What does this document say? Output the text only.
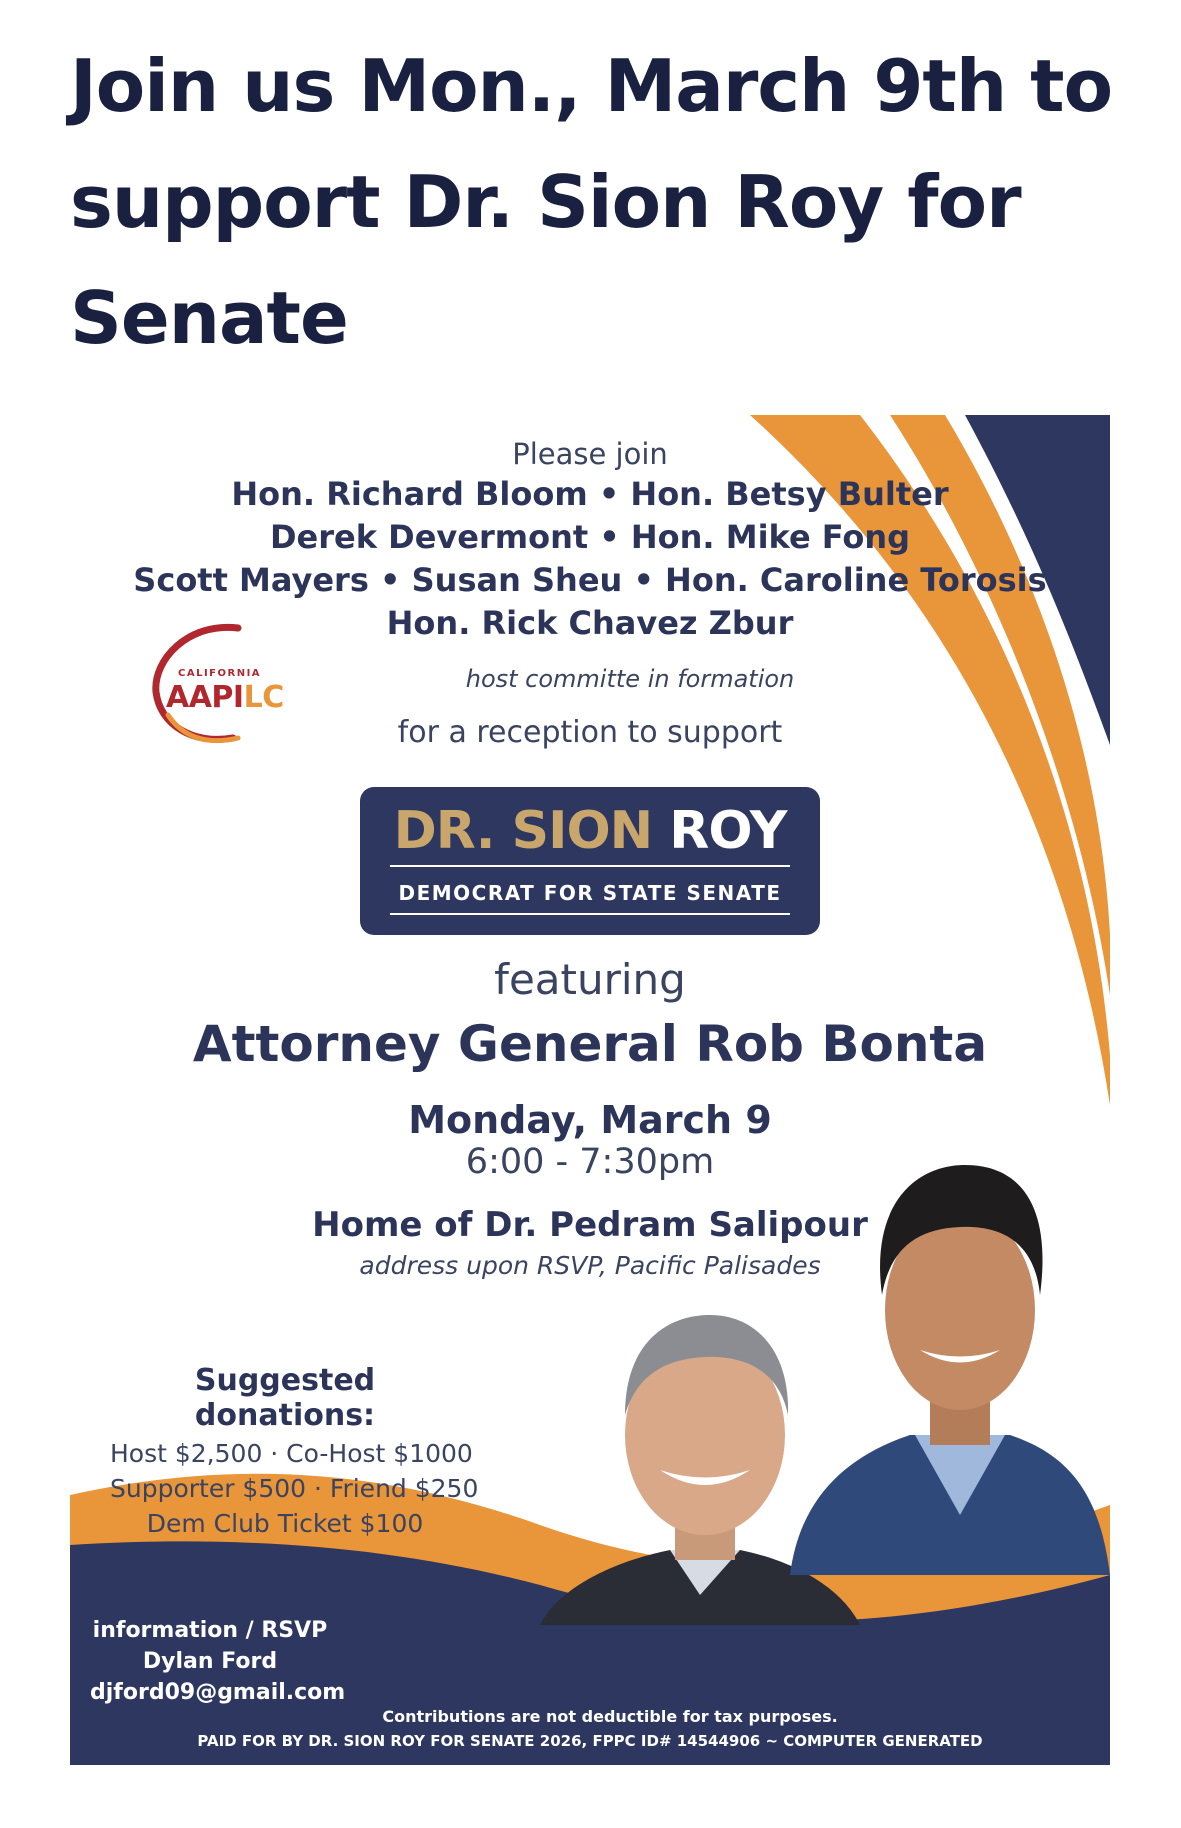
Join us Mon., March 9th to support Dr. Sion Roy for Senate
Please join
Hon. Richard Bloom • Hon. Betsy Bulter
Derek Devermont • Hon. Mike Fong
Scott Mayers • Susan Sheu • Hon. Caroline Torosis
Hon. Rick Chavez Zbur
host committe in formation
CALIFORNIA
AAPILC
for a reception to support
DR. SION ROY
DEMOCRAT FOR STATE SENATE
featuring
Attorney General Rob Bonta
Monday, March 9
6:00 - 7:30pm
Home of Dr. Pedram Salipour
address upon RSVP, Pacific Palisades
Suggested donations:
Host $2,500 · Co-Host $1000
Supporter $500 · Friend $250
Dem Club Ticket $100
information / RSVP
Dylan Ford
djford09@gmail.com
Contributions are not deductible for tax purposes.
PAID FOR BY DR. SION ROY FOR SENATE 2026, FPPC ID# 14544906 ~ COMPUTER GENERATED
